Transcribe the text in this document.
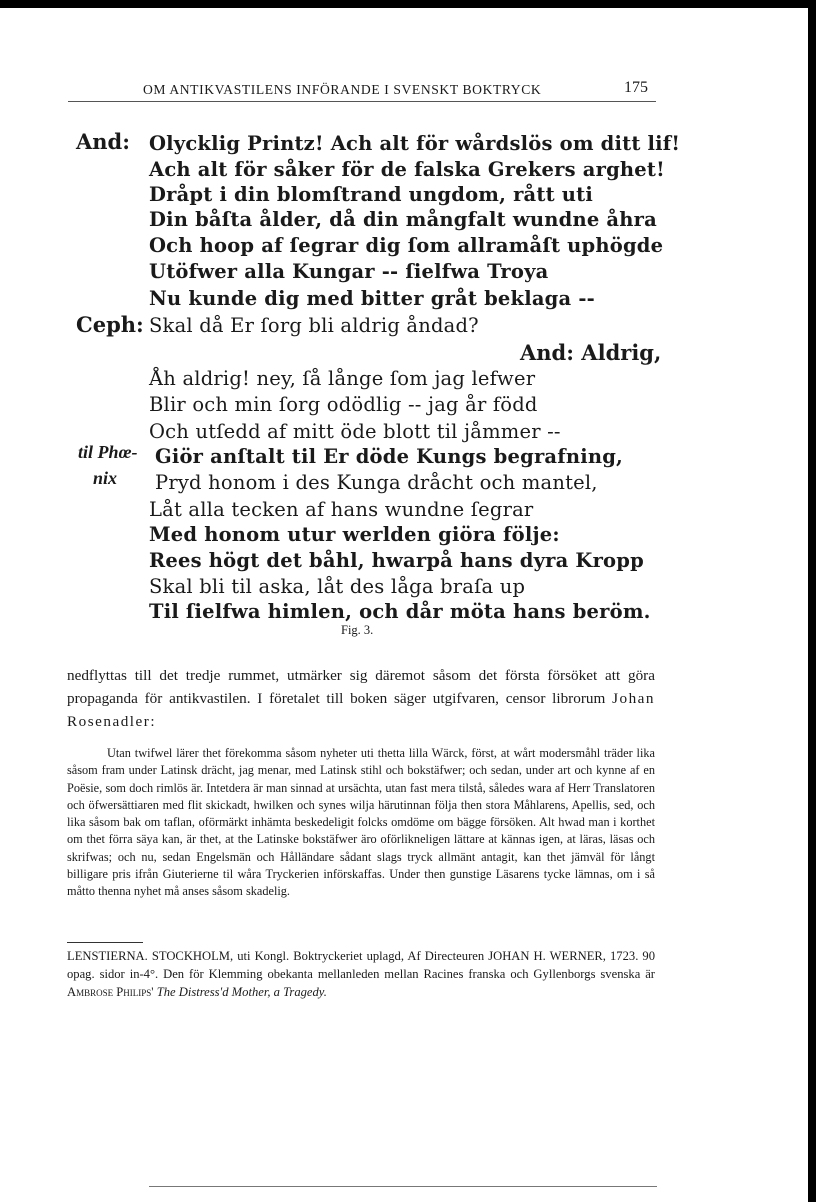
OM ANTIKVASTILENS INFÖRANDE I SVENSKT BOKTRYCK	175
And:
Ceph:
And: Aldrig,
til Phœ-
nix
Olycklig Printz! Ach alt för wårdslös om ditt lif!
Ach alt för såker för de falska Grekers arghet!
Dråpt i din blomſtrand ungdom, rått uti
Din båſta ålder, då din mångfalt wundne åhra
Och hoop af ſegrar dig ſom allramåſt uphögde
Utöfwer alla Kungar -- ſielfwa Troya
Nu kunde dig med bitter gråt beklaga --
Skal då Er ſorg bli aldrig åndad?
Åh aldrig! ney, ſå långe ſom jag lefwer
Blir och min ſorg odödlig -- jag år född
Och utſedd af mitt öde blott til jåmmer --
Giör anſtalt til Er döde Kungs begrafning,
Pryd honom i des Kunga dråcht och mantel,
Låt alla tecken af hans wundne ſegrar
Med honom utur werlden giöra följe:
Rees högt det båhl, hwarpå hans dyra Kropp
Skal bli til aska, låt des låga braſa up
Til ſielfwa himlen, och dår möta hans beröm.
Fig. 3.
nedflyttas till det tredje rummet, utmärker sig däremot såsom det första försöket att göra propaganda för antikvastilen. I företalet till boken säger utgifvaren, censor librorum Johan Rosenadler:
Utan twifwel lärer thet förekomma såsom nyheter uti thetta lilla Wärck, först, at wårt modersmåhl träder lika såsom fram under Latinsk drächt, jag menar, med Latinsk stihl och bokstäfwer; och sedan, under art och kynne af en Poësie, som doch rimlös är. Intetdera är man sinnad at ursächta, utan fast mera tilstå, således wara af Herr Translatoren och öfwersättiaren med flit skickadt, hwilken och synes wilja härutinnan följa then stora Måhlarens, Apellis, sed, och lika såsom bak om taflan, oförmärkt inhämta beskedeligit folcks omdöme om bägge försöken. Alt hwad man i korthet om thet förra säya kan, är thet, at the Latinske bokstäfwer äro oförlikneligen lättare at kännas igen, at läras, läsas och skrifwas; och nu, sedan Engelsmän och Hålländare sådant slags tryck allmänt antagit, kan thet jämväl för långt billigare pris ifrån Giuterierne til wåra Tryckerien införskaffas. Under then gunstige Läsarens tycke lämnas, om i så måtto thenna nyhet må anses såsom skadelig.
LENSTIERNA. STOCKHOLM, uti Kongl. Boktryckeriet uplagd, Af Directeuren JOHAN H. WERNER, 1723. 90 opag. sidor in-4°. Den för Klemming obekanta mellanleden mellan Racines franska och Gyllenborgs svenska är Ambrose Philips' The Distress'd Mother, a Tragedy.
